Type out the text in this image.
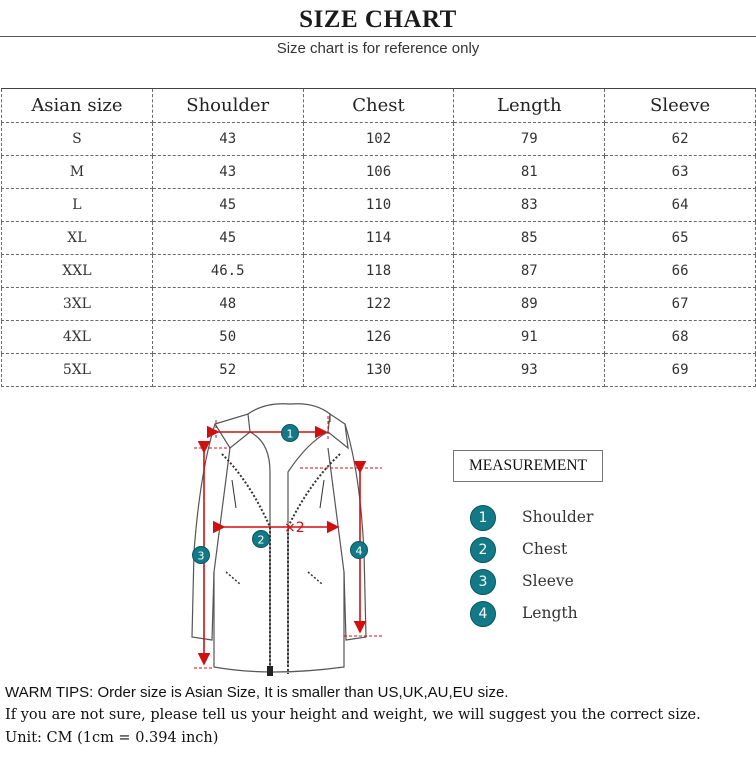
SIZE CHART
Size chart is for reference only
Asian size	Shoulder	Chest	Length	Sleeve
S	43	102	79	62
M	43	106	81	63
L	45	110	83	64
XL	45	114	85	65
XXL	46.5	118	87	66
3XL	48	122	89	67
4XL	50	126	91	68
5XL	52	130	93	69
×2
1
2
3	4
MEASUREMENT
1	Shoulder
2	Chest
3	Sleeve
4	Length
WARM TIPS: Order size is Asian Size, It is smaller than US,UK,AU,EU size.
If you are not sure, please tell us your height and weight, we will suggest you the correct size.
Unit: CM (1cm = 0.394 inch)
